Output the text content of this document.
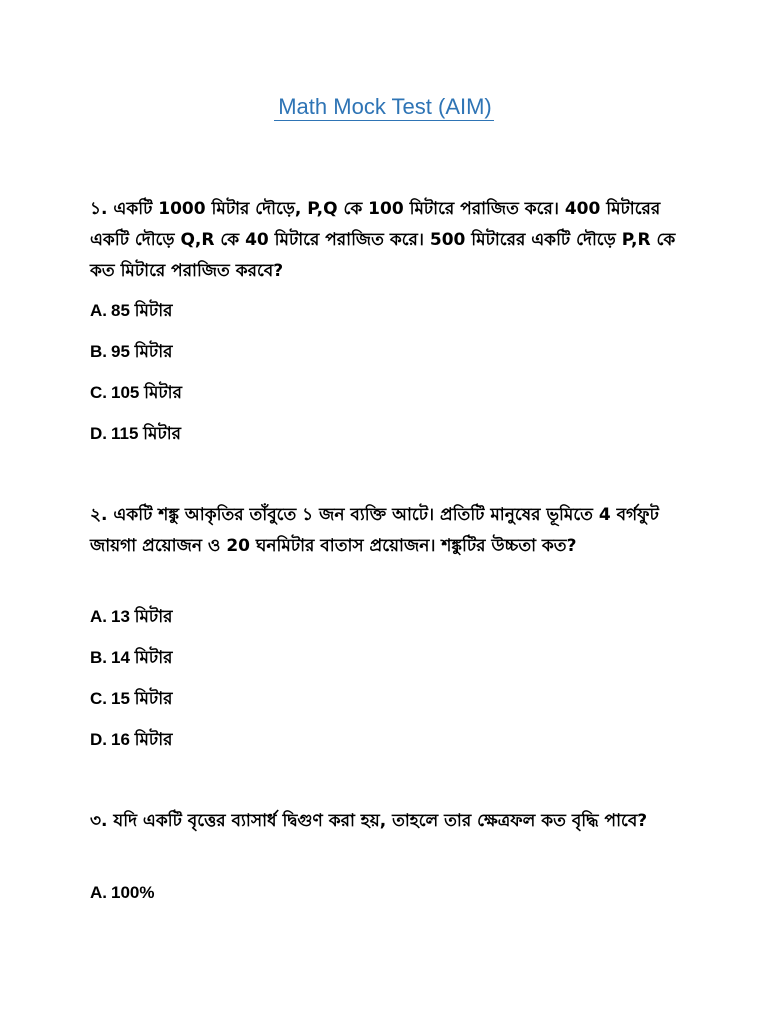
Math Mock Test (AIM)

১. একটি 1000 মিটার দৌড়ে, P,Q কে 100 মিটারে পরাজিত করে। 400 মিটারের একটি দৌড়ে Q,R কে 40 মিটারে পরাজিত করে। 500 মিটারের একটি দৌড়ে P,R কে কত মিটারে পরাজিত করবে?

A. 85 মিটার

B. 95 মিটার

C. 105 মিটার

D. 115 মিটার

২. একটি শঙ্কু আকৃতির তাঁবুতে ১ জন ব্যক্তি আটে। প্রতিটি মানুষের ভূমিতে 4 বর্গফুট জায়গা প্রয়োজন ও 20 ঘনমিটার বাতাস প্রয়োজন। শঙ্কুটির উচ্চতা কত?

A. 13 মিটার

B. 14 মিটার

C. 15 মিটার

D. 16 মিটার

৩. যদি একটি বৃত্তের ব্যাসার্ধ দ্বিগুণ করা হয়, তাহলে তার ক্ষেত্রফল কত বৃদ্ধি পাবে?

A. 100%
